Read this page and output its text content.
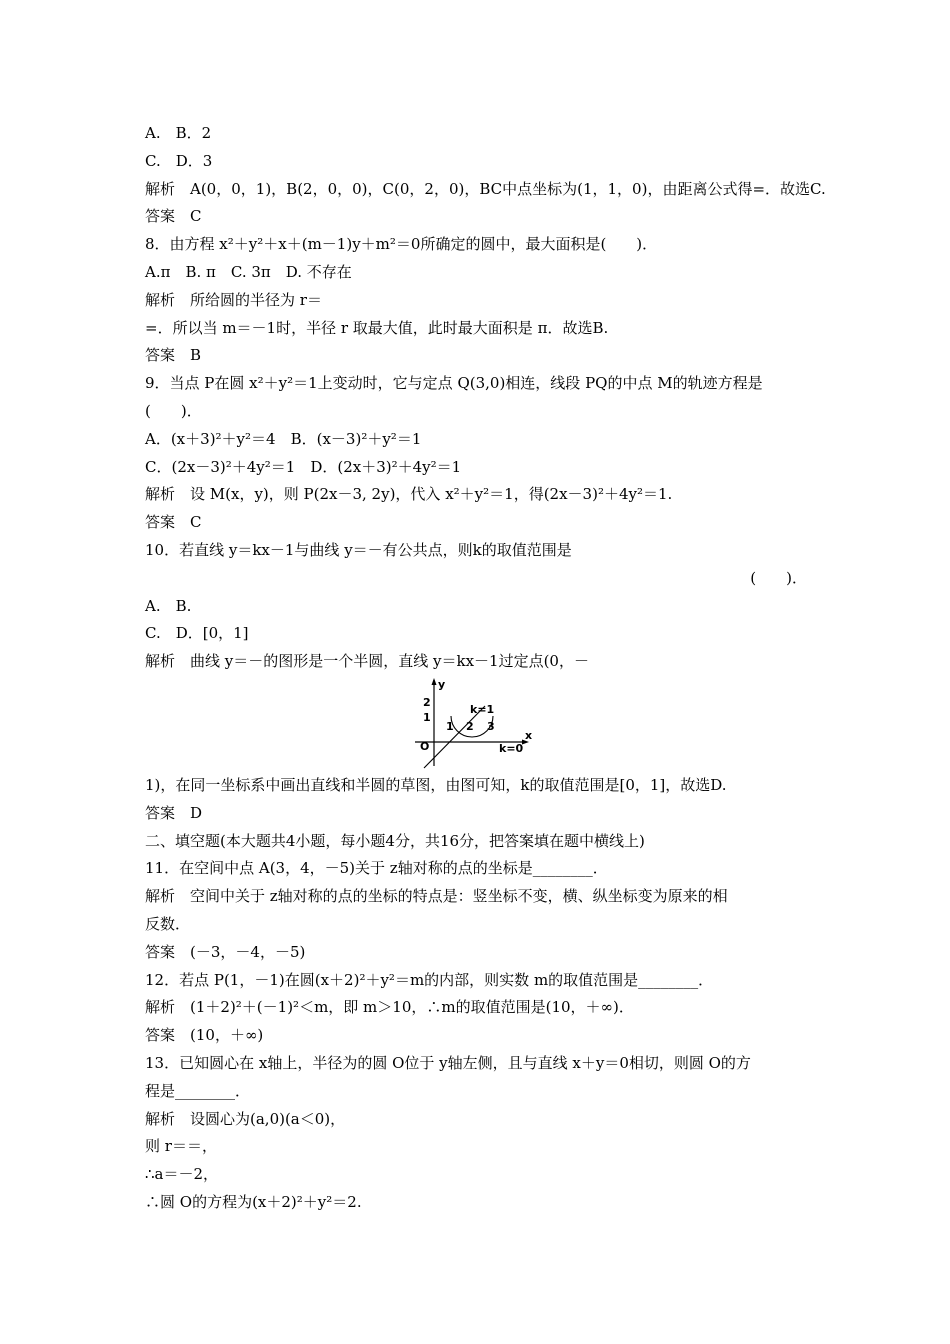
A.　B．2
C.　D．3
解析　A(0，0，1)，B(2，0，0)，C(0，2，0)，BC中点坐标为(1，1，0)，由距离公式得=．故选C.
答案　C
8．由方程 x²＋y²＋x＋(m－1)y＋m²＝0所确定的圆中，最大面积是(　　)．
A.π　B. π　C. 3π　D. 不存在
解析　所给圆的半径为 r＝
=．所以当 m＝－1时，半径 r 取最大值，此时最大面积是 π．故选B.
答案　B
9．当点 P在圆 x²＋y²＝1上变动时，它与定点 Q(3,0)相连，线段 PQ的中点 M的轨迹方程是
(　　)．
A．(x＋3)²＋y²＝4　B．(x－3)²＋y²＝1
C．(2x－3)²＋4y²＝1　D．(2x＋3)²＋4y²＝1
解析　设 M(x，y)，则 P(2x－3, 2y)，代入 x²＋y²＝1，得(2x－3)²＋4y²＝1.
答案　C
10．若直线 y＝kx－1与曲线 y＝－有公共点，则k的取值范围是
(　　)．
A.　B.
C.　D．[0，1]
解析　曲线 y＝－的图形是一个半圆，直线 y＝kx－1过定点(0，－
y
x
O
2
1
1 2 3
k=1
k=0
1)，在同一坐标系中画出直线和半圆的草图，由图可知，k的取值范围是[0，1]，故选D.
答案　D
二、填空题(本大题共4小题，每小题4分，共16分，把答案填在题中横线上)
11．在空间中点 A(3，4，－5)关于 z轴对称的点的坐标是________．
解析　空间中关于 z轴对称的点的坐标的特点是：竖坐标不变，横、纵坐标变为原来的相
反数．
答案　(－3，－4，－5)
12．若点 P(1，－1)在圆(x＋2)²＋y²＝m的内部，则实数 m的取值范围是________．
解析　(1＋2)²＋(－1)²＜m，即 m＞10，∴m的取值范围是(10，＋∞)．
答案　(10，＋∞)
13．已知圆心在 x轴上，半径为的圆 O位于 y轴左侧，且与直线 x＋y＝0相切，则圆 O的方
程是________．
解析　设圆心为(a,0)(a＜0)，
则 r＝＝，
∴a＝－2，
∴圆 O的方程为(x＋2)²＋y²＝2.
